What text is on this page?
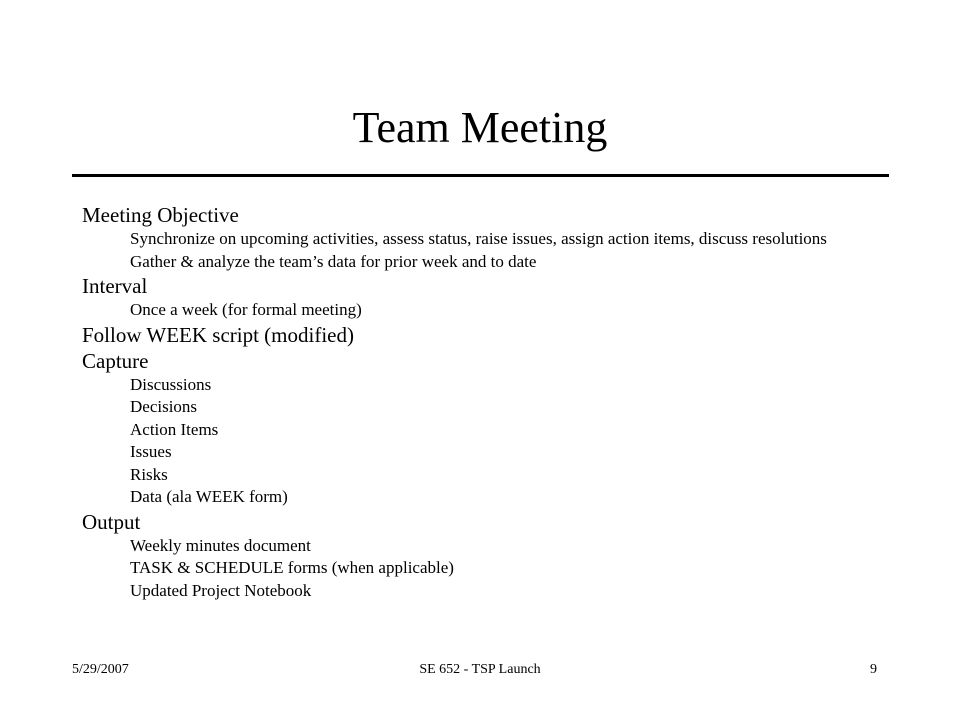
Team Meeting
Meeting Objective
Synchronize on upcoming activities, assess status, raise issues, assign action items, discuss resolutions
Gather & analyze the team’s data for prior week and to date
Interval
Once a week (for formal meeting)
Follow WEEK script (modified)
Capture
Discussions
Decisions
Action Items
Issues
Risks
Data (ala WEEK form)
Output
Weekly minutes document
TASK & SCHEDULE forms (when applicable)
Updated Project Notebook
5/29/2007	SE 652 - TSP Launch	9
